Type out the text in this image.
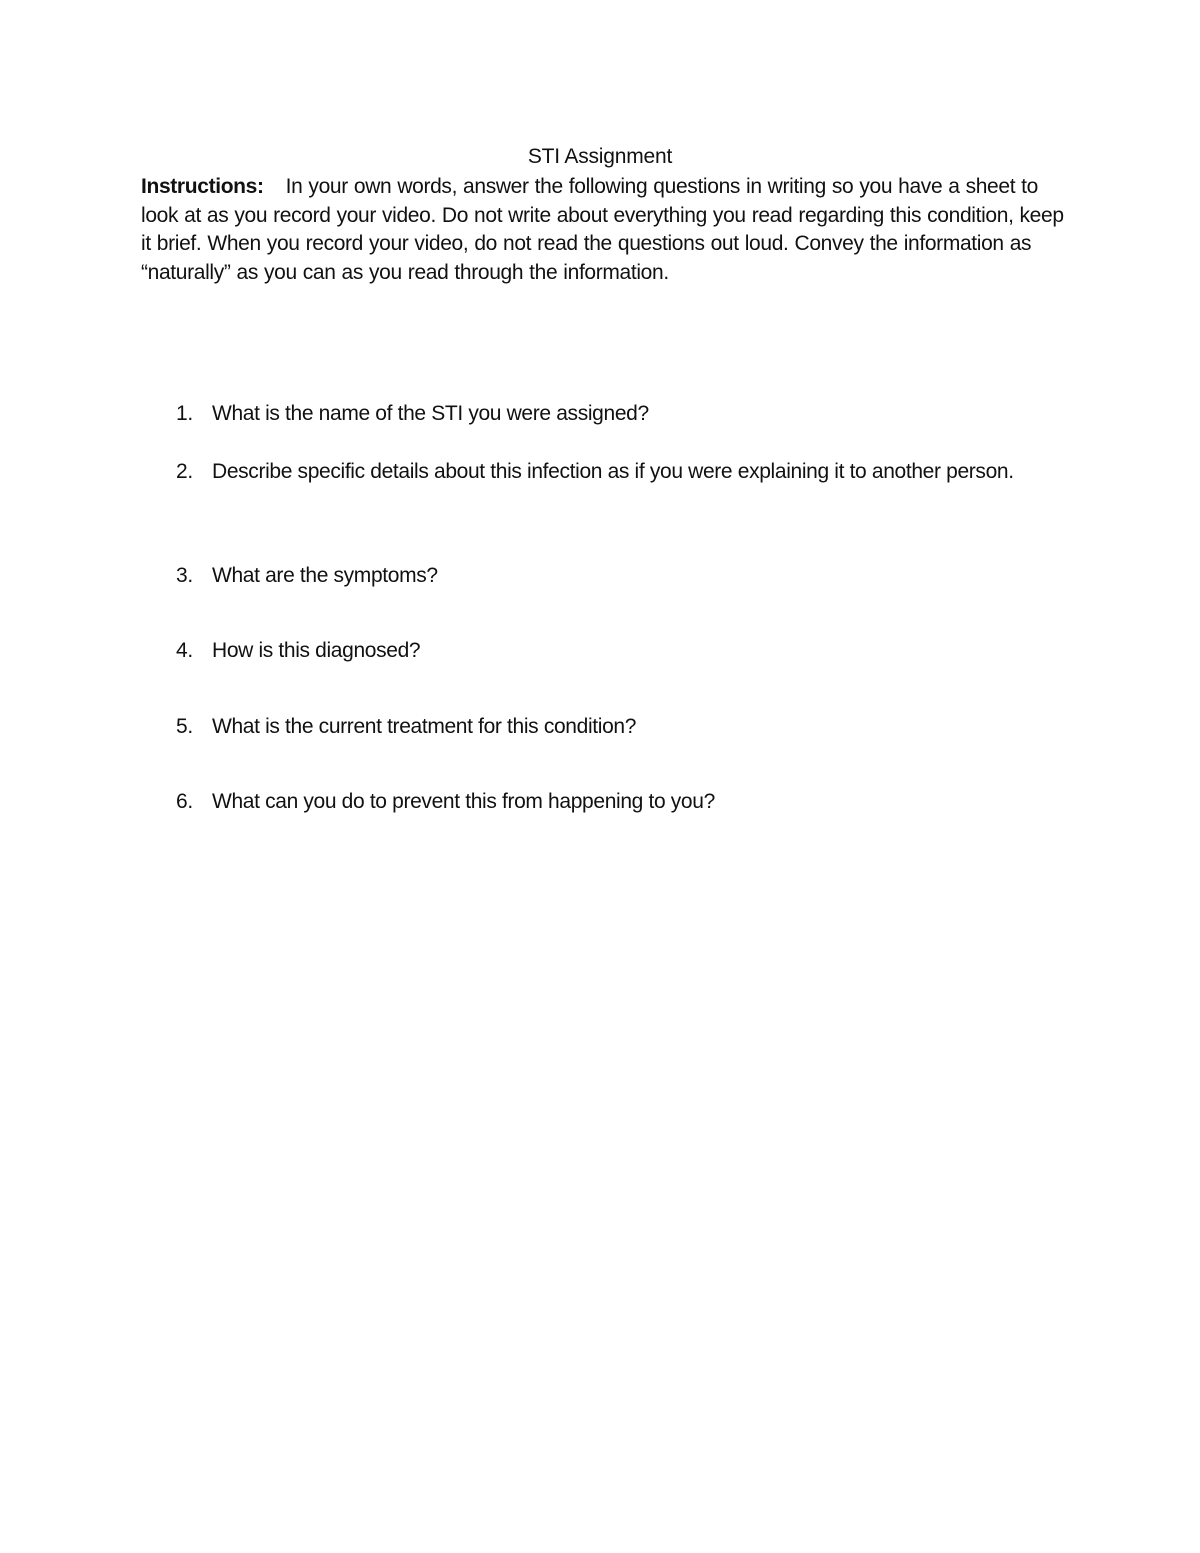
STI Assignment
Instructions: In your own words, answer the following questions in writing so you have a sheet to look at as you record your video. Do not write about everything you read regarding this condition, keep it brief. When you record your video, do not read the questions out loud. Convey the information as “naturally” as you can as you read through the information.
1. What is the name of the STI you were assigned?
2. Describe specific details about this infection as if you were explaining it to another person.
3. What are the symptoms?
4. How is this diagnosed?
5. What is the current treatment for this condition?
6. What can you do to prevent this from happening to you?
